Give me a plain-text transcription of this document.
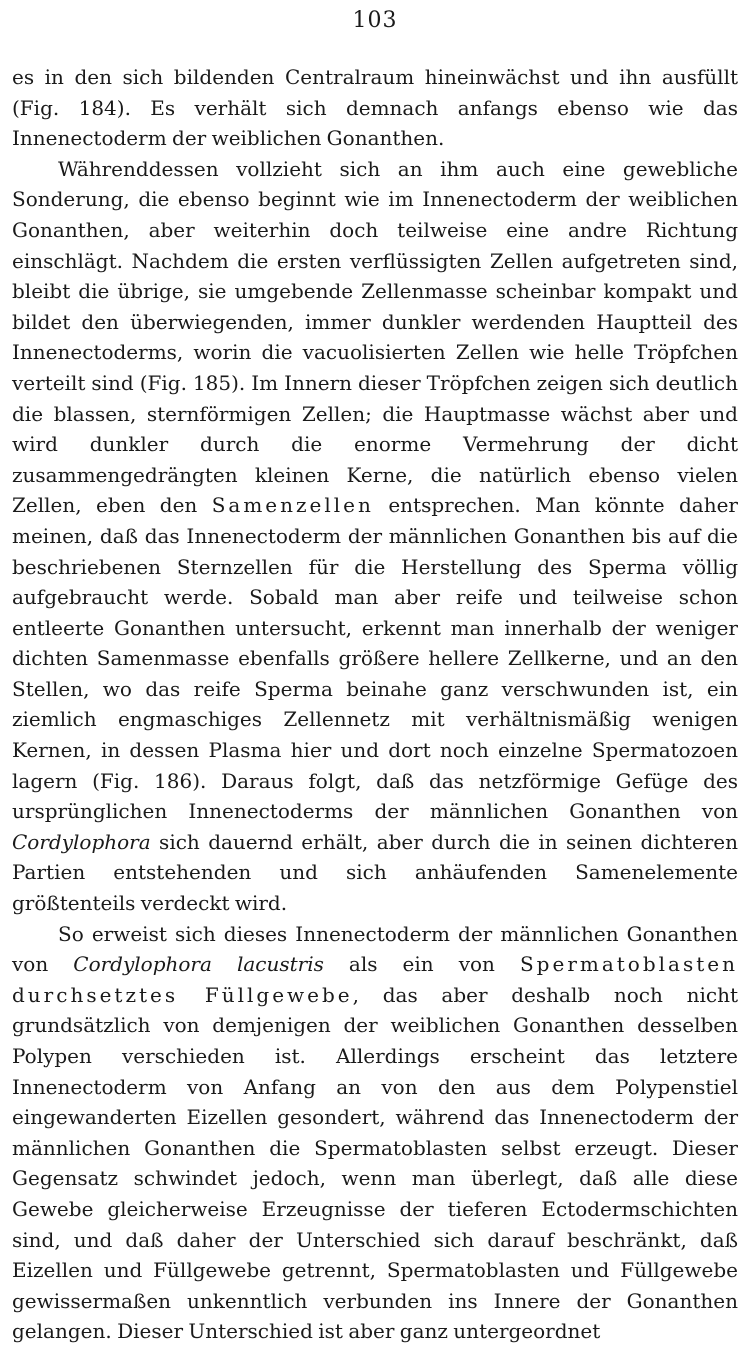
103

es in den sich bildenden Centralraum hineinwächst und ihn ausfüllt (Fig. 184). Es verhält sich demnach anfangs ebenso wie das Innenectoderm der weiblichen Gonanthen.

Währenddessen vollzieht sich an ihm auch eine gewebliche Sonderung, die ebenso beginnt wie im Innenectoderm der weiblichen Gonanthen, aber weiterhin doch teilweise eine andre Richtung einschlägt. Nachdem die ersten verflüssigten Zellen aufgetreten sind, bleibt die übrige, sie umgebende Zellenmasse scheinbar kompakt und bildet den überwiegenden, immer dunkler werdenden Hauptteil des Innenectoderms, worin die vacuolisierten Zellen wie helle Tröpfchen verteilt sind (Fig. 185). Im Innern dieser Tröpfchen zeigen sich deutlich die blassen, sternförmigen Zellen; die Hauptmasse wächst aber und wird dunkler durch die enorme Vermehrung der dicht zusammengedrängten kleinen Kerne, die natürlich ebenso vielen Zellen, eben den Samenzellen entsprechen. Man könnte daher meinen, daß das Innenectoderm der männlichen Gonanthen bis auf die beschriebenen Sternzellen für die Herstellung des Sperma völlig aufgebraucht werde. Sobald man aber reife und teilweise schon entleerte Gonanthen untersucht, erkennt man innerhalb der weniger dichten Samenmasse ebenfalls größere hellere Zellkerne, und an den Stellen, wo das reife Sperma beinahe ganz verschwunden ist, ein ziemlich engmaschiges Zellennetz mit verhältnismäßig wenigen Kernen, in dessen Plasma hier und dort noch einzelne Spermatozoen lagern (Fig. 186). Daraus folgt, daß das netzförmige Gefüge des ursprünglichen Innenectoderms der männlichen Gonanthen von Cordylophora sich dauernd erhält, aber durch die in seinen dichteren Partien entstehenden und sich anhäufenden Samenelemente größtenteils verdeckt wird.

So erweist sich dieses Innenectoderm der männlichen Gonanthen von Cordylophora lacustris als ein von Spermatoblasten durchsetztes Füllgewebe, das aber deshalb noch nicht grundsätzlich von demjenigen der weiblichen Gonanthen desselben Polypen verschieden ist. Allerdings erscheint das letztere Innenectoderm von Anfang an von den aus dem Polypenstiel eingewanderten Eizellen gesondert, während das Innenectoderm der männlichen Gonanthen die Spermatoblasten selbst erzeugt. Dieser Gegensatz schwindet jedoch, wenn man überlegt, daß alle diese Gewebe gleicherweise Erzeugnisse der tieferen Ectodermschichten sind, und daß daher der Unterschied sich darauf beschränkt, daß Eizellen und Füllgewebe getrennt, Spermatoblasten und Füllgewebe gewissermaßen unkenntlich verbunden ins Innere der Gonanthen gelangen. Dieser Unterschied ist aber ganz untergeordnet
